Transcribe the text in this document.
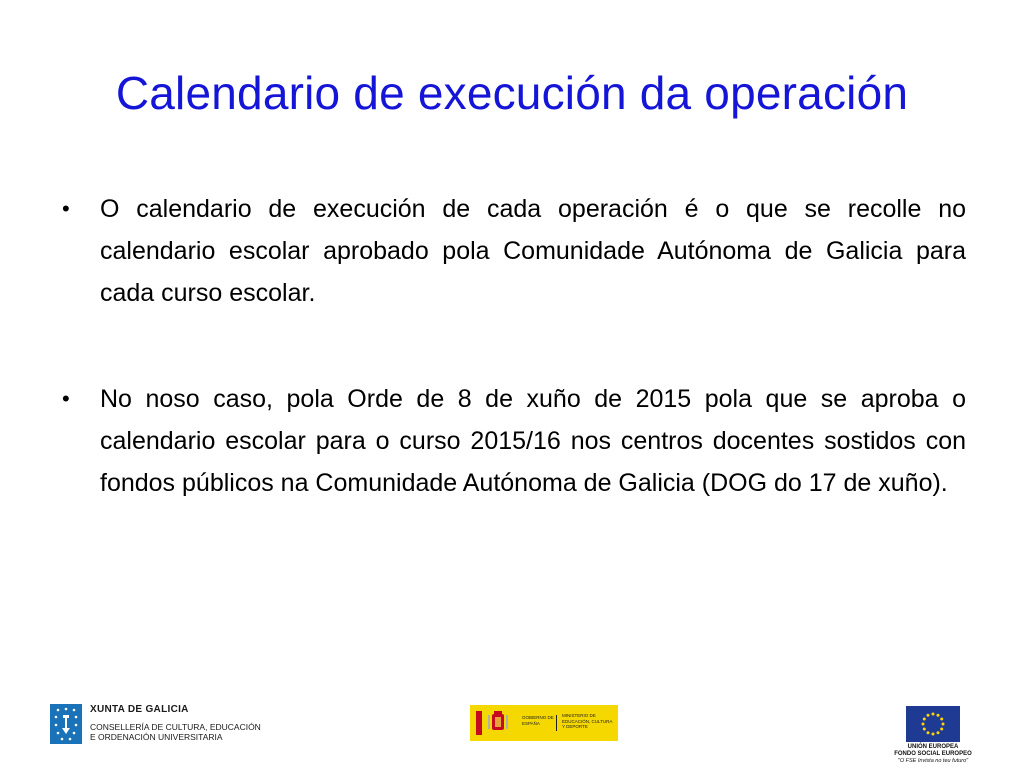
Calendario de execución da operación
• O calendario de execución de cada operación é o que se recolle no calendario escolar aprobado pola Comunidade Autónoma de Galicia para cada curso escolar.
• No noso caso, pola Orde de 8 de xuño de 2015 pola que se aproba o calendario escolar para o curso 2015/16 nos centros docentes sostidos con fondos públicos na Comunidade Autónoma de Galicia (DOG do 17 de xuño).
XUNTA DE GALICIA
CONSELLERÍA DE CULTURA, EDUCACIÓN
E ORDENACIÓN UNIVERSITARIA
GOBIERNO DE ESPAÑA
MINISTERIO DE EDUCACIÓN, CULTURA Y DEPORTE
UNIÓN EUROPEA
FONDO SOCIAL EUROPEO
"O FSE Invista no teu futuro"
